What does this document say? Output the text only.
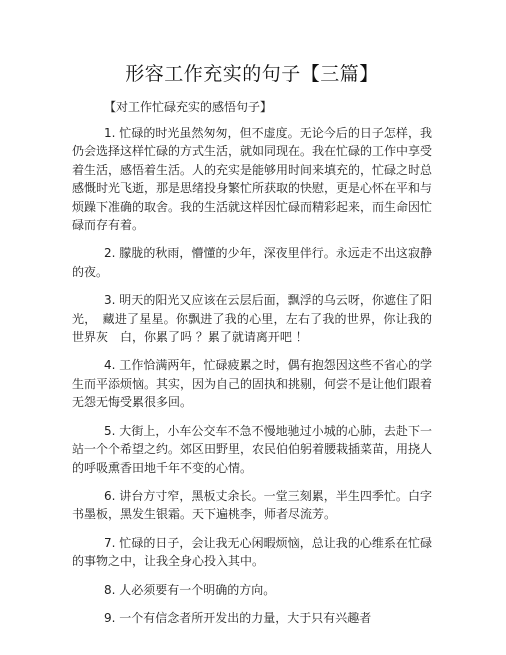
形容工作充实的句子【三篇】
【对工作忙碌充实的感悟句子】

1. 忙碌的时光虽然匆匆，但不虚度。无论今后的日子怎样，我仍会选择这样忙碌的方式生活，就如同现在。我在忙碌的工作中享受着生活，感悟着生活。人的充实是能够用时间来填充的，忙碌之时总感慨时光飞逝，那是思绪投身繁忙所获取的快慰，更是心怀在平和与烦躁下准确的取舍。我的生活就这样因忙碌而精彩起来，而生命因忙碌而存有着。

2. 朦胧的秋雨，懵懂的少年，深夜里伴行。永远走不出这寂静的夜。

3. 明天的阳光又应该在云层后面，飘浮的乌云呀，你遮住了阳光，　藏进了星星。你飘进了我的心里，左右了我的世界，你让我的世界灰　白，你累了吗 ？累了就请离开吧 ！

4. 工作恰满两年，忙碌疲累之时，偶有抱怨因这些不省心的学生而平添烦恼。其实，因为自己的固执和挑剔，何尝不是让他们跟着无怨无悔受累很多回。

5. 大街上，小车公交车不急不慢地驰过小城的心肺，去赴下一站一个个希望之约。郊区田野里，农民伯伯躬着腰栽插菜苗，用挠人的呼吸熏香田地千年不变的心情。

6. 讲台方寸窄，黑板丈余长。一堂三刻累，半生四季忙。白字书墨板，黑发生银霜。天下遍桃李，师者尽流芳。

7. 忙碌的日子，会让我无心闲暇烦恼，总让我的心维系在忙碌的事物之中，让我全身心投入其中。

8. 人必须要有一个明确的方向。

9. 一个有信念者所开发出的力量，大于只有兴趣者
